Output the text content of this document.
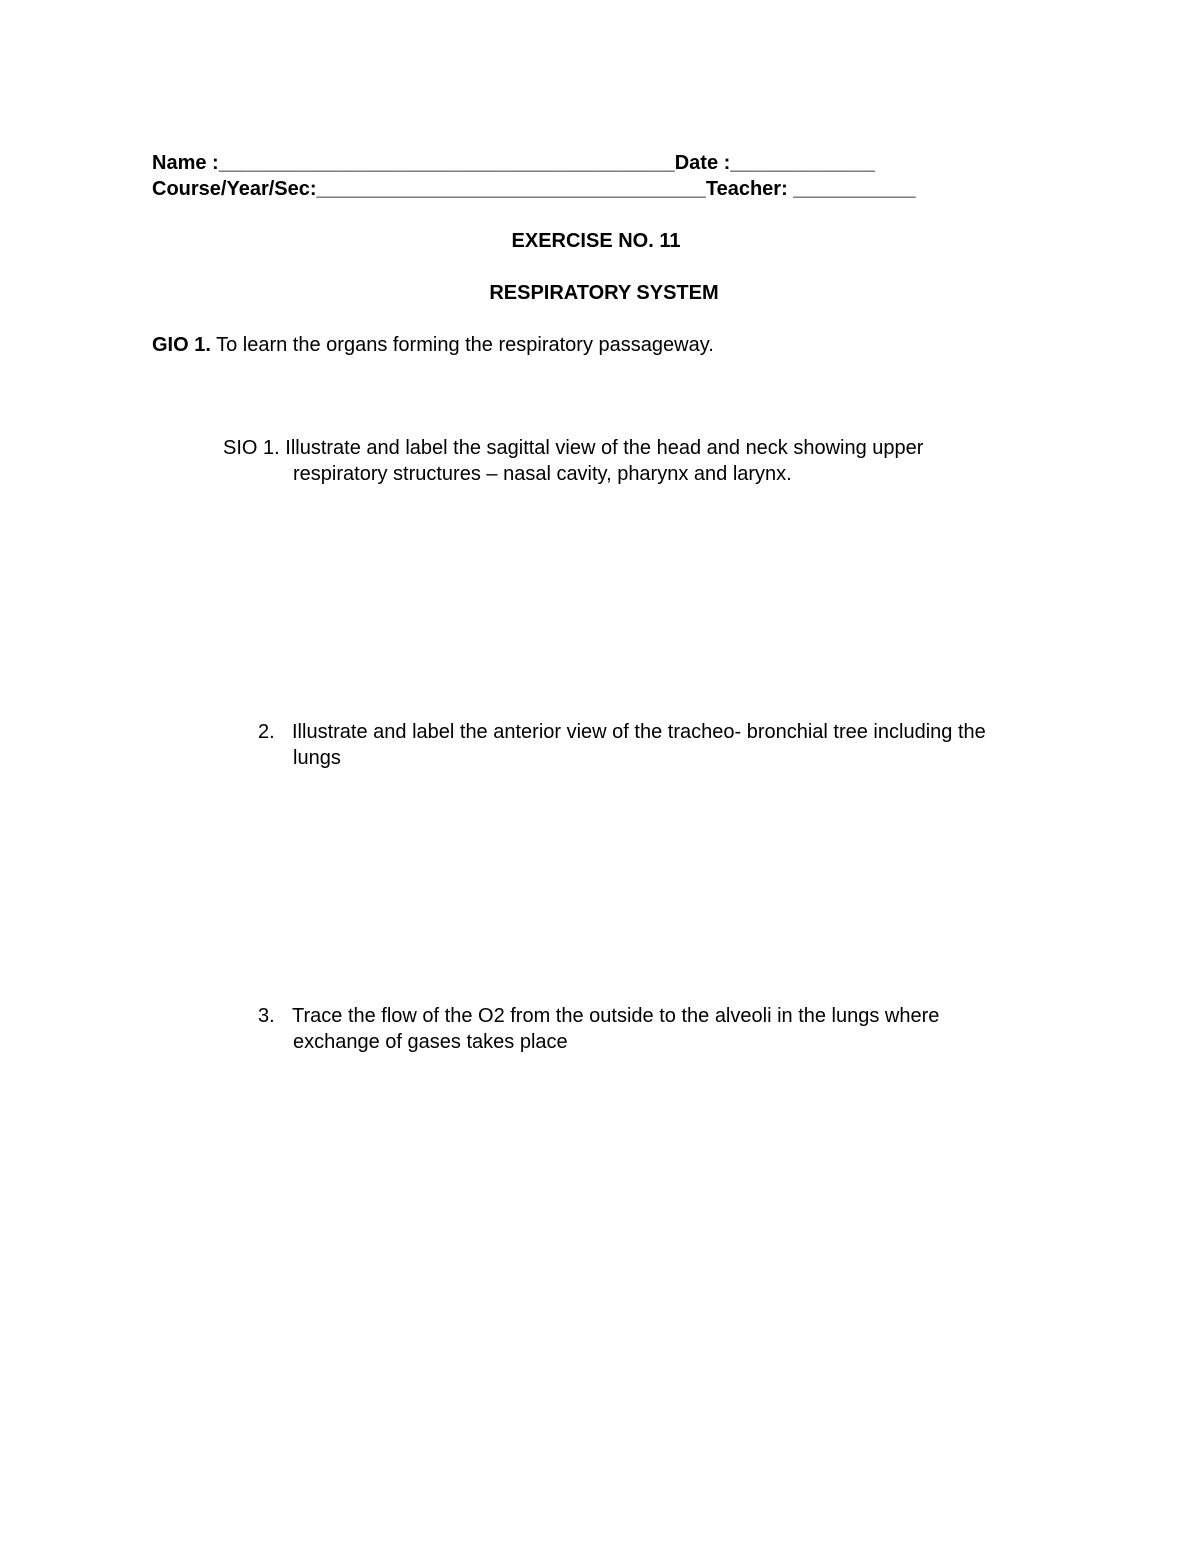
Name :_________________________________________Date :_____________
Course/Year/Sec:___________________________________Teacher: ___________
EXERCISE NO. 11
RESPIRATORY SYSTEM
GIO 1. To learn the organs forming the respiratory passageway.
SIO 1. Illustrate and label the sagittal view of the head and neck showing upper
respiratory structures – nasal cavity, pharynx and larynx.
2. Illustrate and label the anterior view of the tracheo- bronchial tree including the
lungs
3. Trace the flow of the O2 from the outside to the alveoli in the lungs where
exchange of gases takes place
